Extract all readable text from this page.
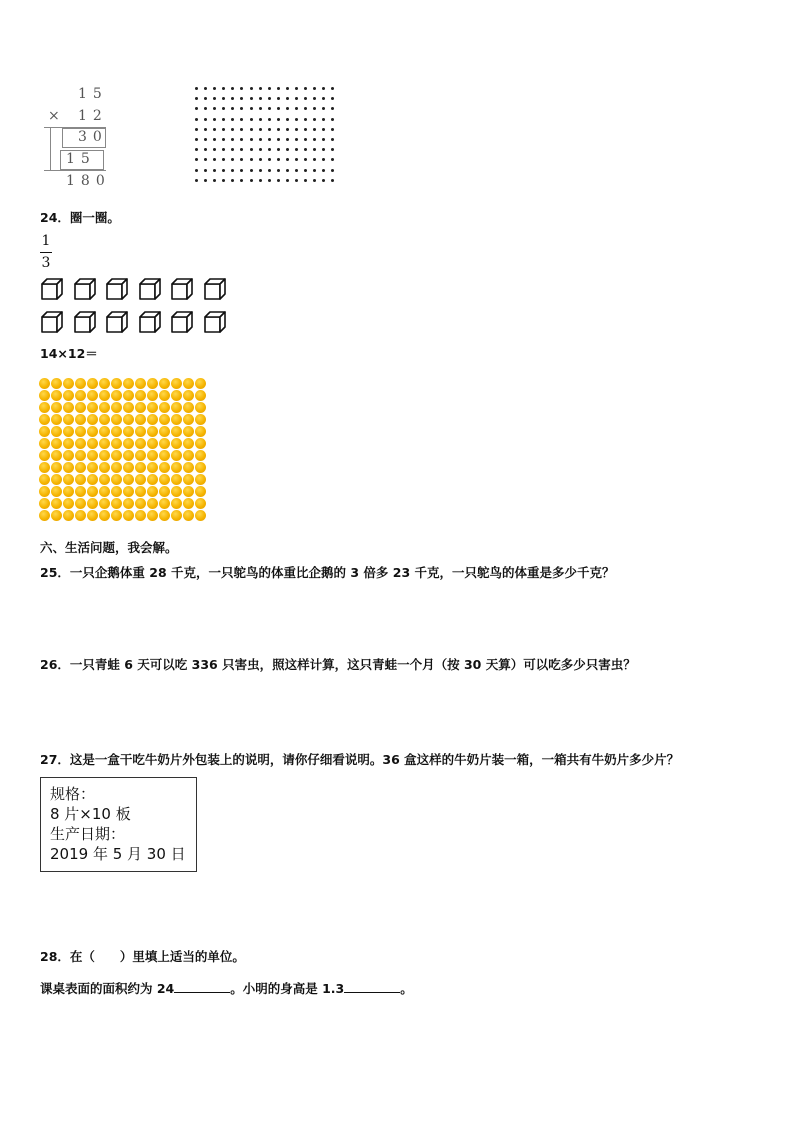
15
× 12
30
15
180
24．圈一圈。
1
3
14×12＝
六、生活问题，我会解。
25．一只企鹅体重 28 千克，一只鸵鸟的体重比企鹅的 3 倍多 23 千克，一只鸵鸟的体重是多少千克？
26．一只青蛙 6 天可以吃 336 只害虫，照这样计算，这只青蛙一个月（按 30 天算）可以吃多少只害虫？
27．这是一盒干吃牛奶片外包装上的说明，请你仔细看说明。36 盒这样的牛奶片装一箱，一箱共有牛奶片多少片？
规格：
8 片×10 板
生产日期：
2019 年 5 月 30 日
28．在（　　）里填上适当的单位。
课桌表面的面积约为 24	。小明的身高是 1.3	。
